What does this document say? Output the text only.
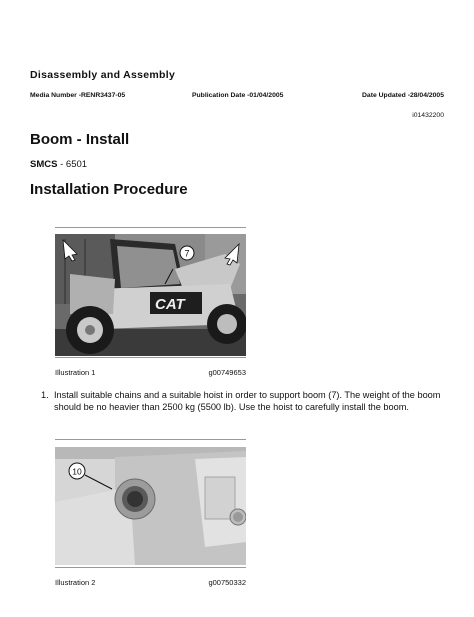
Disassembly and Assembly
Media Number -RENR3437-05	Publication Date -01/04/2005	Date Updated -28/04/2005
i01432200
Boom - Install
SMCS - 6501
Installation Procedure
CAT
7
Illustration 1	g00749653
1. Install suitable chains and a suitable hoist in order to support boom (7). The weight of the boom should be no heavier than 2500 kg (5500 lb). Use the hoist to carefully install the boom.
10
Illustration 2	g00750332
